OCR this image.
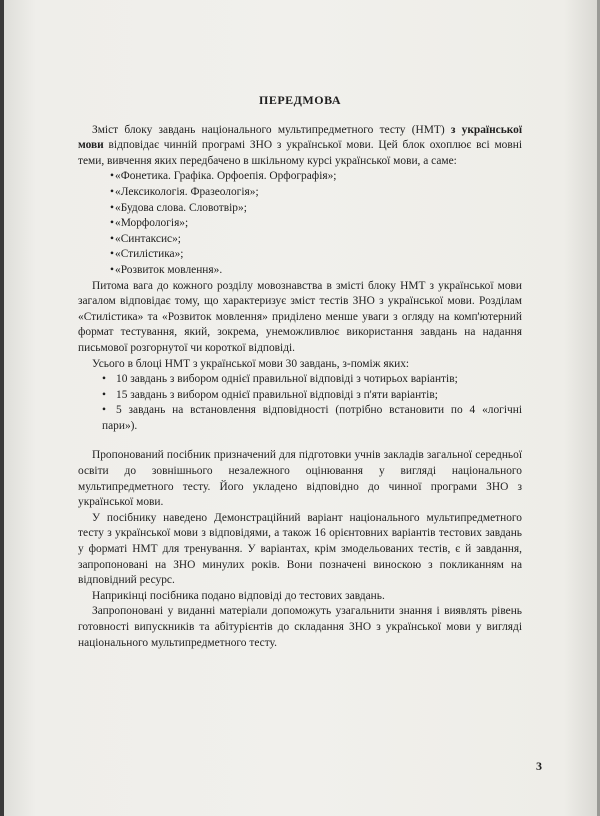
ПЕРЕДМОВА

Зміст блоку завдань національного мультипредметного тесту (НМТ) з української мови відповідає чинній програмі ЗНО з української мови. Цей блок охоплює всі мовні теми, вивчення яких передбачено в шкільному курсі української мови, а саме:

• «Фонетика. Графіка. Орфоепія. Орфографія»;
• «Лексикологія. Фразеологія»;
• «Будова слова. Словотвір»;
• «Морфологія»;
• «Синтаксис»;
• «Стилістика»;
• «Розвиток мовлення».

Питома вага до кожного розділу мовознавства в змісті блоку НМТ з української мови загалом відповідає тому, що характеризує зміст тестів ЗНО з української мови. Розділам «Стилістика» та «Розвиток мовлення» приділено менше уваги з огляду на комп'ютерний формат тестування, який, зокрема, унеможливлює використання завдань на надання письмової розгорнутої чи короткої відповіді.

Усього в блоці НМТ з української мови 30 завдань, з-поміж яких:

• 10 завдань з вибором однієї правильної відповіді з чотирьох варіантів;
• 15 завдань з вибором однієї правильної відповіді з п'яти варіантів;
• 5 завдань на встановлення відповідності (потрібно встановити по 4 «логічні пари»).

Пропонований посібник призначений для підготовки учнів закладів загальної середньої освіти до зовнішнього незалежного оцінювання у вигляді національного мультипредметного тесту. Його укладено відповідно до чинної програми ЗНО з української мови.

У посібнику наведено Демонстраційний варіант національного мультипредметного тесту з української мови з відповідями, а також 16 орієнтовних варіантів тестових завдань у форматі НМТ для тренування. У варіантах, крім змодельованих тестів, є й завдання, запропоновані на ЗНО минулих років. Вони позначені виноскою з покликанням на відповідний ресурс.

Наприкінці посібника подано відповіді до тестових завдань.

Запропоновані у виданні матеріали допоможуть узагальнити знання і виявлять рівень готовності випускників та абітурієнтів до складання ЗНО з української мови у вигляді національного мультипредметного тесту.

3
